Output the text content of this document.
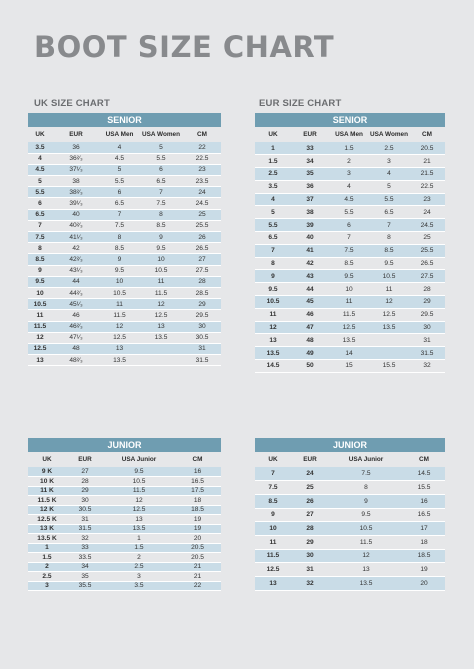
BOOT SIZE CHART
UK SIZE CHART	EUR SIZE CHART
SENIOR				
UK	EUR	USA Men	USA Women	CM
3.5	36	4	5	22
4	36²⁄₃	4.5	5.5	22.5
4.5	37¹⁄₃	5	6	23
5	38	5.5	6.5	23.5
5.5	38²⁄₃	6	7	24
6	39¹⁄₃	6.5	7.5	24.5
6.5	40	7	8	25
7	40²⁄₃	7.5	8.5	25.5
7.5	41¹⁄₃	8	9	26
8	42	8.5	9.5	26.5
8.5	42²⁄₃	9	10	27
9	43¹⁄₃	9.5	10.5	27.5
9.5	44	10	11	28
10	44²⁄₃	10.5	11.5	28.5
10.5	45¹⁄₃	11	12	29
11	46	11.5	12.5	29.5
11.5	46²⁄₃	12	13	30
12	47¹⁄₃	12.5	13.5	30.5
12.5	48	13		31
13	48²⁄₃	13.5		31.5
SENIOR				
UK	EUR	USA Men	USA Women	CM
1	33	1.5	2.5	20.5
1.5	34	2	3	21
2.5	35	3	4	21.5
3.5	36	4	5	22.5
4	37	4.5	5.5	23
5	38	5.5	6.5	24
5.5	39	6	7	24.5
6.5	40	7	8	25
7	41	7.5	8.5	25.5
8	42	8.5	9.5	26.5
9	43	9.5	10.5	27.5
9.5	44	10	11	28
10.5	45	11	12	29
11	46	11.5	12.5	29.5
12	47	12.5	13.5	30
13	48	13.5		31
13.5	49	14		31.5
14.5	50	15	15.5	32
JUNIOR			
UK	EUR	USA Junior	CM
9 K	27	9.5	16
10 K	28	10.5	16.5
11 K	29	11.5	17.5
11.5 K	30	12	18
12 K	30.5	12.5	18.5
12.5 K	31	13	19
13 K	31.5	13.5	19
13.5 K	32	1	20
1	33	1.5	20.5
1.5	33.5	2	20.5
2	34	2.5	21
2.5	35	3	21
3	35.5	3.5	22
JUNIOR			
UK	EUR	USA Junior	CM
7	24	7.5	14.5
7.5	25	8	15.5
8.5	26	9	16
9	27	9.5	16.5
10	28	10.5	17
11	29	11.5	18
11.5	30	12	18.5
12.5	31	13	19
13	32	13.5	20
